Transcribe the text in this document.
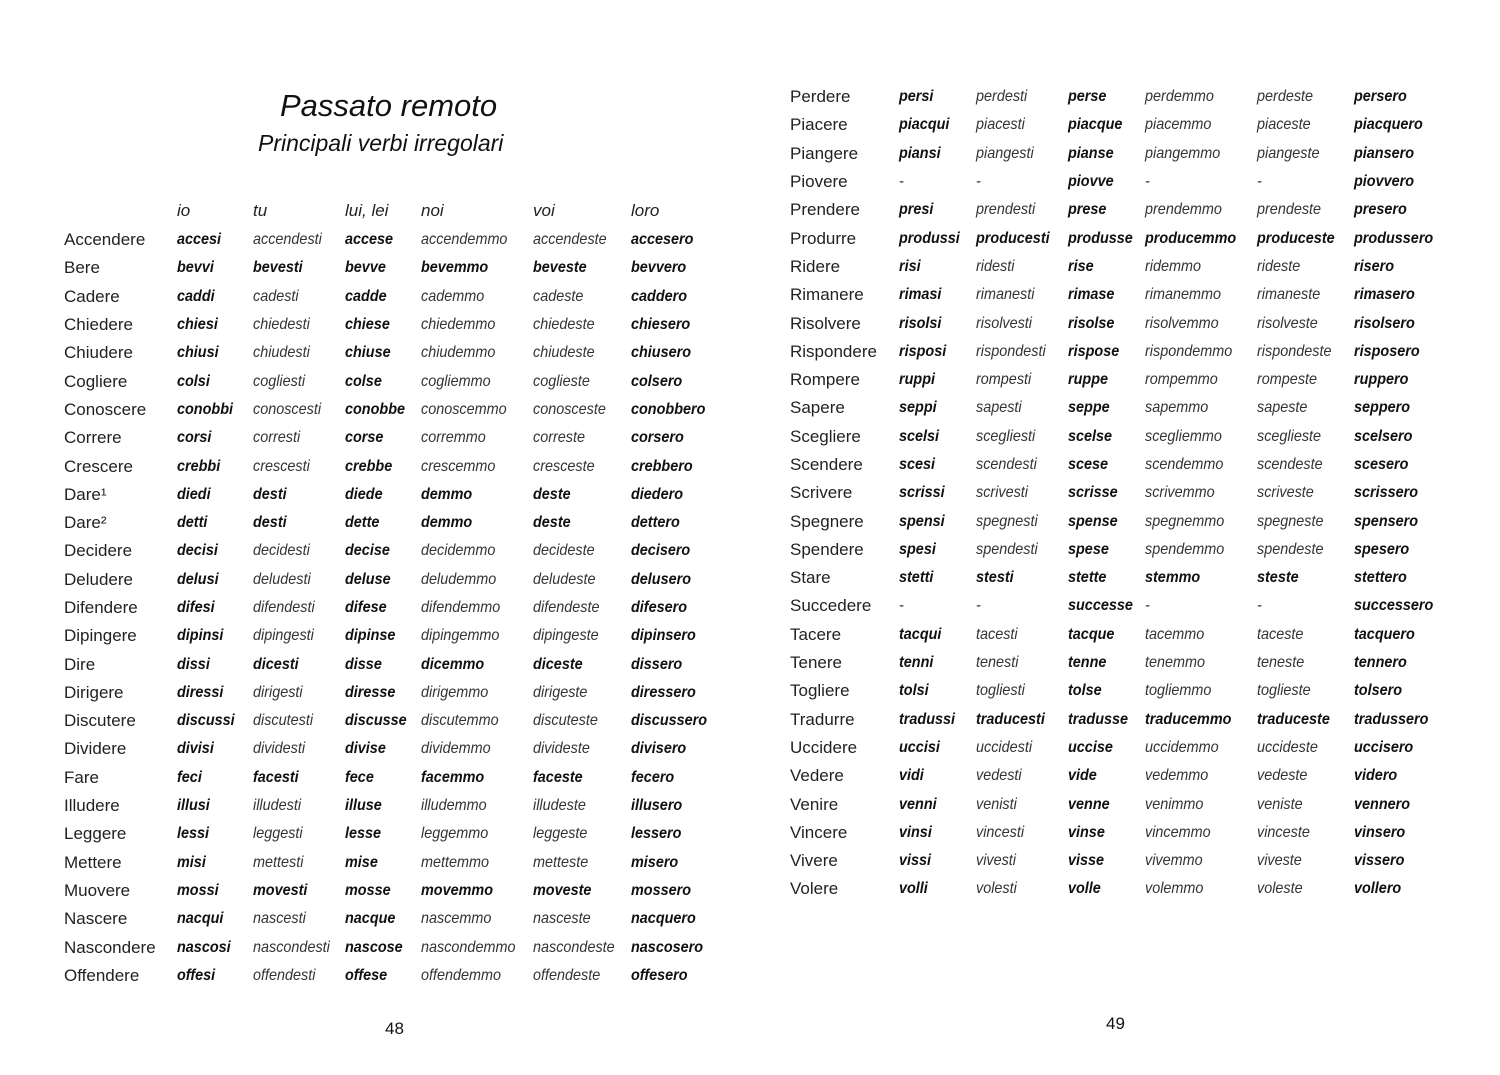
Passato remoto
Principali verbi irregolari
	io	tu	lui, lei	noi	voi	loro
Accendere	accesi	accendesti	accese	accendemmo	accendeste	accesero
Bere	bevvi	bevesti	bevve	bevemmo	beveste	bevvero
Cadere	caddi	cadesti	cadde	cademmo	cadeste	caddero
Chiedere	chiesi	chiedesti	chiese	chiedemmo	chiedeste	chiesero
Chiudere	chiusi	chiudesti	chiuse	chiudemmo	chiudeste	chiusero
Cogliere	colsi	cogliesti	colse	cogliemmo	coglieste	colsero
Conoscere	conobbi	conoscesti	conobbe	conoscemmo	conosceste	conobbero
Correre	corsi	corresti	corse	corremmo	correste	corsero
Crescere	crebbi	crescesti	crebbe	crescemmo	cresceste	crebbero
Dare¹	diedi	desti	diede	demmo	deste	diedero
Dare²	detti	desti	dette	demmo	deste	dettero
Decidere	decisi	decidesti	decise	decidemmo	decideste	decisero
Deludere	delusi	deludesti	deluse	deludemmo	deludeste	delusero
Difendere	difesi	difendesti	difese	difendemmo	difendeste	difesero
Dipingere	dipinsi	dipingesti	dipinse	dipingemmo	dipingeste	dipinsero
Dire	dissi	dicesti	disse	dicemmo	diceste	dissero
Dirigere	diressi	dirigesti	diresse	dirigemmo	dirigeste	diressero
Discutere	discussi	discutesti	discusse	discutemmo	discuteste	discussero
Dividere	divisi	dividesti	divise	dividemmo	divideste	divisero
Fare	feci	facesti	fece	facemmo	faceste	fecero
Illudere	illusi	illudesti	illuse	illudemmo	illudeste	illusero
Leggere	lessi	leggesti	lesse	leggemmo	leggeste	lessero
Mettere	misi	mettesti	mise	mettemmo	metteste	misero
Muovere	mossi	movesti	mosse	movemmo	moveste	mossero
Nascere	nacqui	nascesti	nacque	nascemmo	nasceste	nacquero
Nascondere	nascosi	nascondesti	nascose	nascondemmo	nascondeste	nascosero
Offendere	offesi	offendesti	offese	offendemmo	offendeste	offesero
48
Perdere	persi	perdesti	perse	perdemmo	perdeste	persero
Piacere	piacqui	piacesti	piacque	piacemmo	piaceste	piacquero
Piangere	piansi	piangesti	pianse	piangemmo	piangeste	piansero
Piovere	-	-	piovve	-	-	piovvero
Prendere	presi	prendesti	prese	prendemmo	prendeste	presero
Produrre	produssi	producesti	produsse	producemmo	produceste	produssero
Ridere	risi	ridesti	rise	ridemmo	rideste	risero
Rimanere	rimasi	rimanesti	rimase	rimanemmo	rimaneste	rimasero
Risolvere	risolsi	risolvesti	risolse	risolvemmo	risolveste	risolsero
Rispondere	risposi	rispondesti	rispose	rispondemmo	rispondeste	risposero
Rompere	ruppi	rompesti	ruppe	rompemmo	rompeste	ruppero
Sapere	seppi	sapesti	seppe	sapemmo	sapeste	seppero
Scegliere	scelsi	scegliesti	scelse	scegliemmo	sceglieste	scelsero
Scendere	scesi	scendesti	scese	scendemmo	scendeste	scesero
Scrivere	scrissi	scrivesti	scrisse	scrivemmo	scriveste	scrissero
Spegnere	spensi	spegnesti	spense	spegnemmo	spegneste	spensero
Spendere	spesi	spendesti	spese	spendemmo	spendeste	spesero
Stare	stetti	stesti	stette	stemmo	steste	stettero
Succedere	-	-	successe	-	-	successero
Tacere	tacqui	tacesti	tacque	tacemmo	taceste	tacquero
Tenere	tenni	tenesti	tenne	tenemmo	teneste	tennero
Togliere	tolsi	togliesti	tolse	togliemmo	toglieste	tolsero
Tradurre	tradussi	traducesti	tradusse	traducemmo	traduceste	tradussero
Uccidere	uccisi	uccidesti	uccise	uccidemmo	uccideste	uccisero
Vedere	vidi	vedesti	vide	vedemmo	vedeste	videro
Venire	venni	venisti	venne	venimmo	veniste	vennero
Vincere	vinsi	vincesti	vinse	vincemmo	vinceste	vinsero
Vivere	vissi	vivesti	visse	vivemmo	viveste	vissero
Volere	volli	volesti	volle	volemmo	voleste	vollero
49
